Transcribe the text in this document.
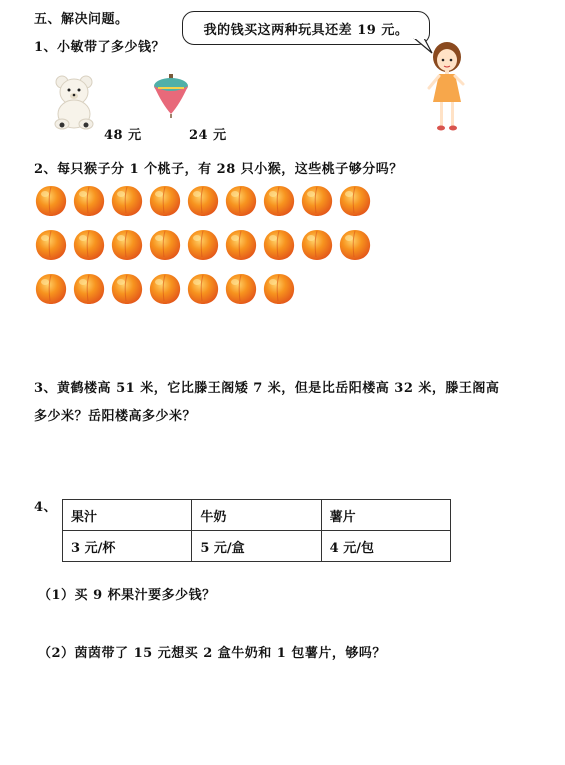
五、解决问题。
1、小敏带了多少钱？
我的钱买这两种玩具还差 19 元。
48 元	24 元
2、每只猴子分 1 个桃子，有 28 只小猴，这些桃子够分吗？
3、黄鹤楼高 51 米，它比滕王阁矮 7 米，但是比岳阳楼高 32 米，滕王阁高
多少米？岳阳楼高多少米？
4、
果汁	牛奶	薯片
3 元/杯	5 元/盒	4 元/包
（1）买 9 杯果汁要多少钱？
（2）茵茵带了 15 元想买 2 盒牛奶和 1 包薯片，够吗？
